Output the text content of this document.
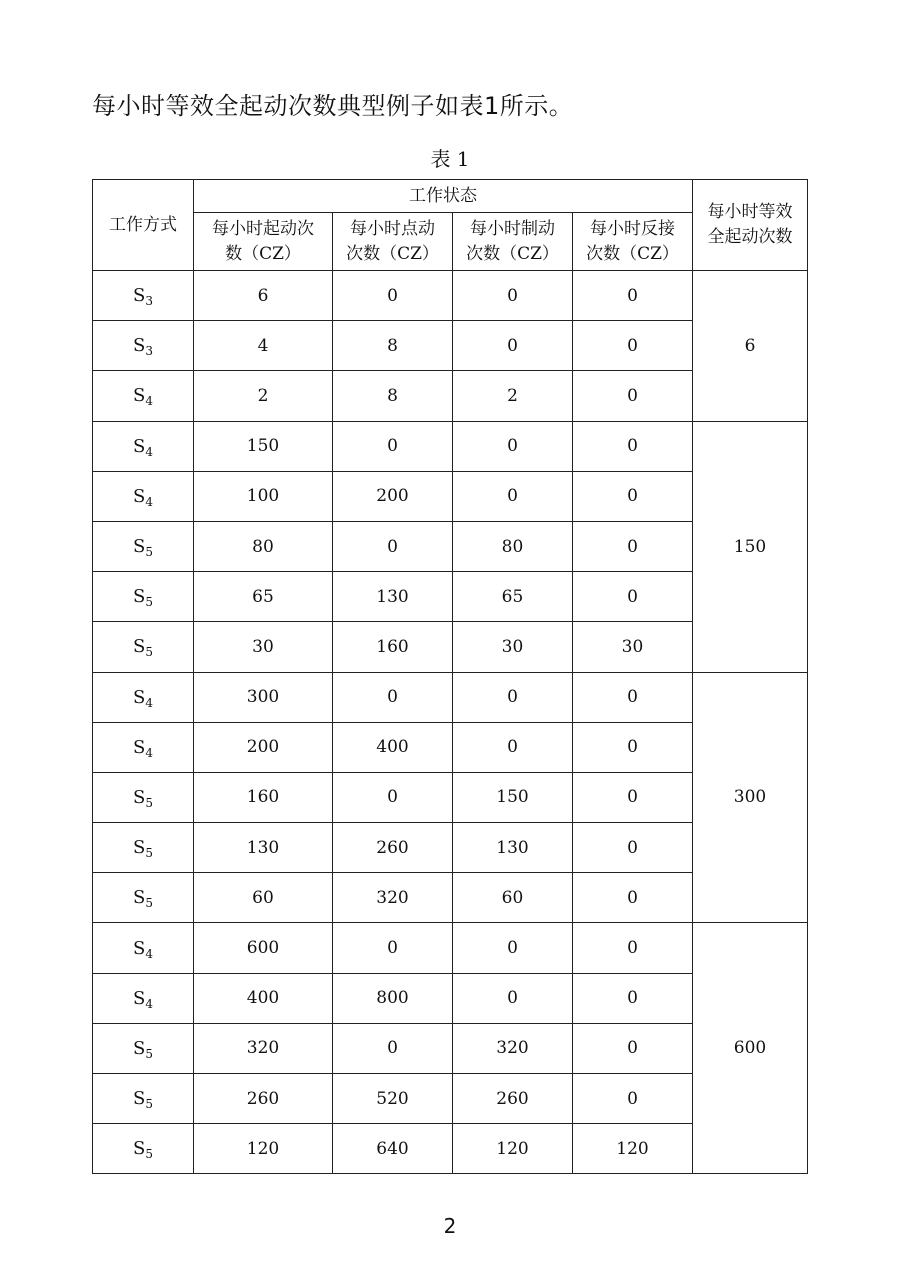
每小时等效全起动次数典型例子如表1所示。
表 1
工作方式	工作状态				每小时等效全起动次数
	每小时起动次数（CZ）	每小时点动次数（CZ）	每小时制动次数（CZ）	每小时反接次数（CZ）	
$S_3$	6	0	0	0	6
$S_3$	4	8	0	0	
$S_4$	2	8	2	0	
$S_4$	150	0	0	0	150
$S_4$	100	200	0	0	
$S_5$	80	0	80	0	
$S_5$	65	130	65	0	
$S_5$	30	160	30	30	
$S_4$	300	0	0	0	300
$S_4$	200	400	0	0	
$S_5$	160	0	150	0	
$S_5$	130	260	130	0	
$S_5$	60	320	60	0	
$S_4$	600	0	0	0	600
$S_4$	400	800	0	0	
$S_5$	320	0	320	0	
$S_5$	260	520	260	0	
$S_5$	120	640	120	120	
2
